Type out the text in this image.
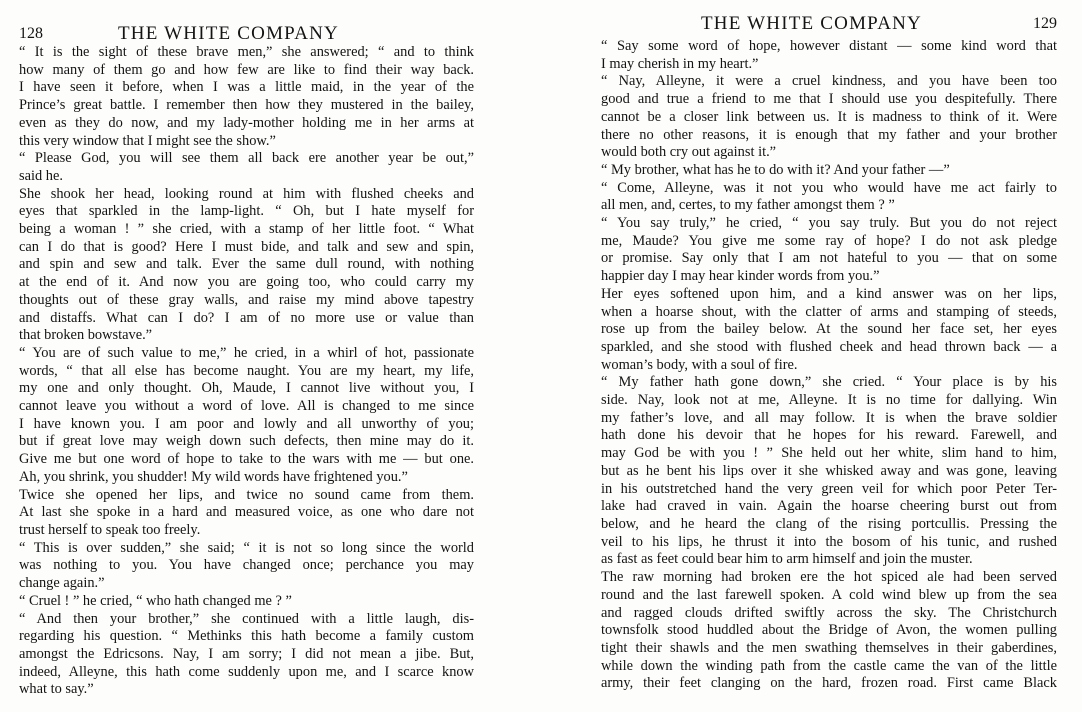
128	THE WHITE COMPANY
“ It is the sight of these brave men,” she answered; “ and to think
how many of them go and how few are like to find their way back.
I have seen it before, when I was a little maid, in the year of the
Prince’s great battle. I remember then how they mustered in the bailey,
even as they do now, and my lady-mother holding me in her arms at
this very window that I might see the show.”
“ Please God, you will see them all back ere another year be out,”
said he.
She shook her head, looking round at him with flushed cheeks and
eyes that sparkled in the lamp-light. “ Oh, but I hate myself for
being a woman ! ” she cried, with a stamp of her little foot. “ What
can I do that is good? Here I must bide, and talk and sew and spin,
and spin and sew and talk. Ever the same dull round, with nothing
at the end of it. And now you are going too, who could carry my
thoughts out of these gray walls, and raise my mind above tapestry
and distaffs. What can I do? I am of no more use or value than
that broken bowstave.”
“ You are of such value to me,” he cried, in a whirl of hot, passionate
words, “ that all else has become naught. You are my heart, my life,
my one and only thought. Oh, Maude, I cannot live without you, I
cannot leave you without a word of love. All is changed to me since
I have known you. I am poor and lowly and all unworthy of you;
but if great love may weigh down such defects, then mine may do it.
Give me but one word of hope to take to the wars with me — but one.
Ah, you shrink, you shudder! My wild words have frightened you.”
Twice she opened her lips, and twice no sound came from them.
At last she spoke in a hard and measured voice, as one who dare not
trust herself to speak too freely.
“ This is over sudden,” she said; “ it is not so long since the world
was nothing to you. You have changed once; perchance you may
change again.”
“ Cruel ! ” he cried, “ who hath changed me ? ”
“ And then your brother,” she continued with a little laugh, dis-
regarding his question. “ Methinks this hath become a family custom
amongst the Edricsons. Nay, I am sorry; I did not mean a jibe. But,
indeed, Alleyne, this hath come suddenly upon me, and I scarce know
what to say.”
THE WHITE COMPANY	129
“ Say some word of hope, however distant — some kind word that
I may cherish in my heart.”
“ Nay, Alleyne, it were a cruel kindness, and you have been too
good and true a friend to me that I should use you despitefully. There
cannot be a closer link between us. It is madness to think of it. Were
there no other reasons, it is enough that my father and your brother
would both cry out against it.”
“ My brother, what has he to do with it? And your father —”
“ Come, Alleyne, was it not you who would have me act fairly to
all men, and, certes, to my father amongst them ? ”
“ You say truly,” he cried, “ you say truly. But you do not reject
me, Maude? You give me some ray of hope? I do not ask pledge
or promise. Say only that I am not hateful to you — that on some
happier day I may hear kinder words from you.”
Her eyes softened upon him, and a kind answer was on her lips,
when a hoarse shout, with the clatter of arms and stamping of steeds,
rose up from the bailey below. At the sound her face set, her eyes
sparkled, and she stood with flushed cheek and head thrown back — a
woman’s body, with a soul of fire.
“ My father hath gone down,” she cried. “ Your place is by his
side. Nay, look not at me, Alleyne. It is no time for dallying. Win
my father’s love, and all may follow. It is when the brave soldier
hath done his devoir that he hopes for his reward. Farewell, and
may God be with you ! ” She held out her white, slim hand to him,
but as he bent his lips over it she whisked away and was gone, leaving
in his outstretched hand the very green veil for which poor Peter Ter-
lake had craved in vain. Again the hoarse cheering burst out from
below, and he heard the clang of the rising portcullis. Pressing the
veil to his lips, he thrust it into the bosom of his tunic, and rushed
as fast as feet could bear him to arm himself and join the muster.
The raw morning had broken ere the hot spiced ale had been served
round and the last farewell spoken. A cold wind blew up from the sea
and ragged clouds drifted swiftly across the sky. The Christchurch
townsfolk stood huddled about the Bridge of Avon, the women pulling
tight their shawls and the men swathing themselves in their gaberdines,
while down the winding path from the castle came the van of the little
army, their feet clanging on the hard, frozen road. First came Black
